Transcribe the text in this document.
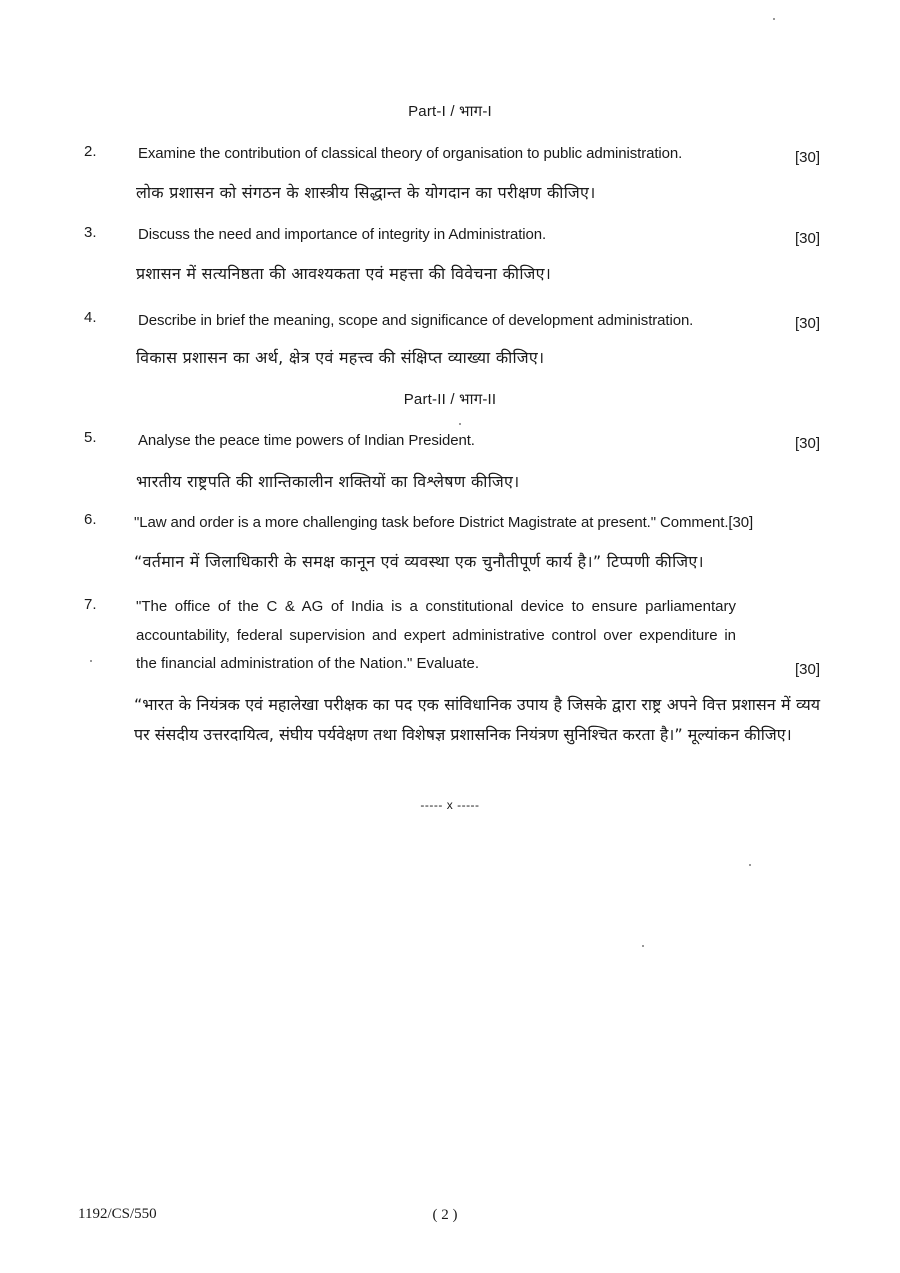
Part-I / भाग-I
2.	Examine the contribution of classical theory of organisation to public administration.	[30]
लोक प्रशासन को संगठन के शास्त्रीय सिद्धान्त के योगदान का परीक्षण कीजिए।
3.	Discuss the need and importance of integrity in Administration.	[30]
प्रशासन में सत्यनिष्ठता की आवश्यकता एवं महत्ता की विवेचना कीजिए।
4.	Describe in brief the meaning, scope and significance of development administration.	[30]
विकास प्रशासन का अर्थ, क्षेत्र एवं महत्त्व की संक्षिप्त व्याख्या कीजिए।
Part-II / भाग-II
5.	Analyse the peace time powers of Indian President.	[30]
भारतीय राष्ट्रपति की शान्तिकालीन शक्तियों का विश्लेषण कीजिए।
6. "Law and order is a more challenging task before District Magistrate at present." Comment.[30]
“वर्तमान में जिलाधिकारी के समक्ष कानून एवं व्यवस्था एक चुनौतीपूर्ण कार्य है।” टिप्पणी कीजिए।
7.	"The office of the C & AG of India is a constitutional device to ensure parliamentary accountability, federal supervision and expert administrative control over expenditure in the financial administration of the Nation." Evaluate.	[30]
“भारत के नियंत्रक एवं महालेखा परीक्षक का पद एक सांविधानिक उपाय है जिसके द्वारा राष्ट्र अपने वित्त प्रशासन में व्यय पर संसदीय उत्तरदायित्व, संघीय पर्यवेक्षण तथा विशेषज्ञ प्रशासनिक नियंत्रण सुनिश्चित करता है।” मूल्यांकन कीजिए।
----- x -----
1192/CS/550	( 2 )
